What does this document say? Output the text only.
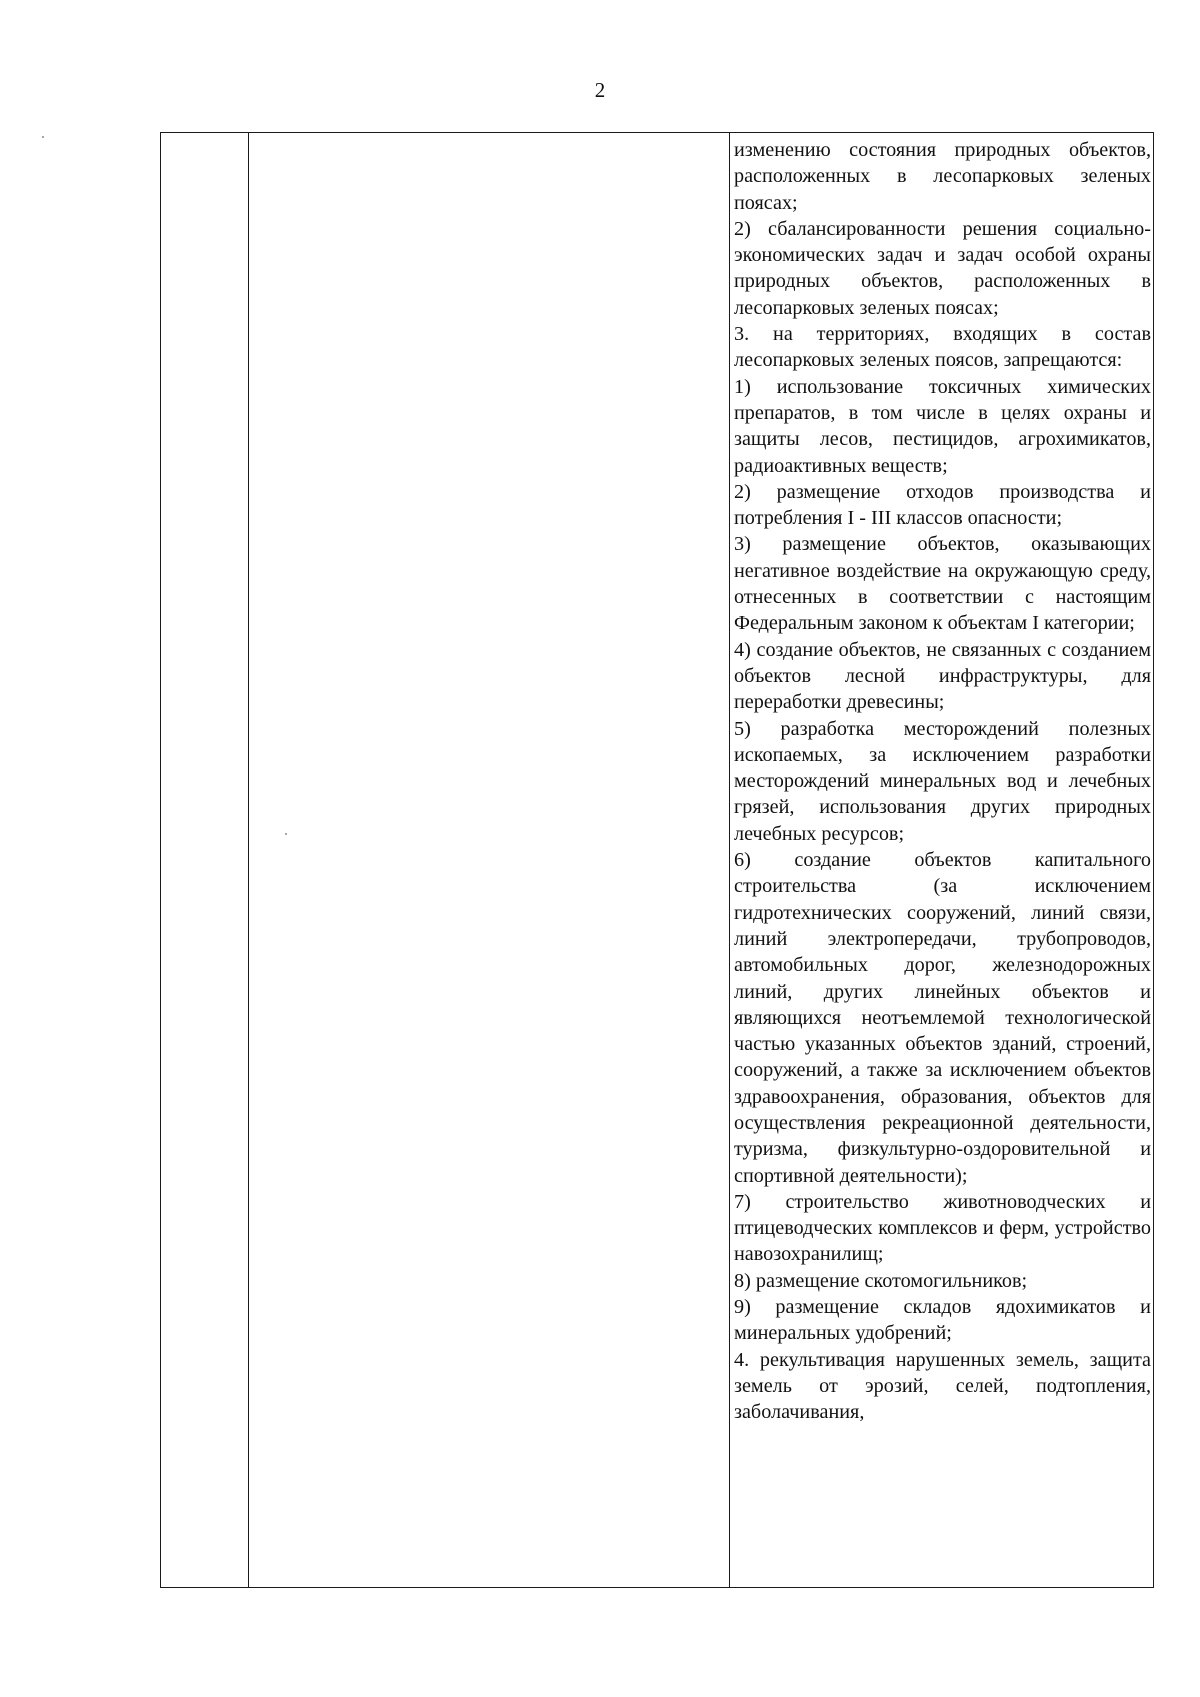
2

изменению состояния природных объектов, расположенных в лесопарковых зеленых поясах;

2) сбалансированности решения социально-экономических задач и задач особой охраны природных объектов, расположенных в лесопарковых зеленых поясах;

3. на территориях, входящих в состав лесопарковых зеленых поясов, запрещаются:

1) использование токсичных химических препаратов, в том числе в целях охраны и защиты лесов, пестицидов, агрохимикатов, радиоактивных веществ;

2) размещение отходов производства и потребления I - III классов опасности;

3) размещение объектов, оказывающих негативное воздействие на окружающую среду, отнесенных в соответствии с настоящим Федеральным законом к объектам I категории;

4) создание объектов, не связанных с созданием объектов лесной инфраструктуры, для переработки древесины;

5) разработка месторождений полезных ископаемых, за исключением разработки месторождений минеральных вод и лечебных грязей, использования других природных лечебных ресурсов;

6) создание объектов капитального строительства (за исключением гидротехнических сооружений, линий связи, линий электропередачи, трубопроводов, автомобильных дорог, железнодорожных линий, других линейных объектов и являющихся неотъемлемой технологической частью указанных объектов зданий, строений, сооружений, а также за исключением объектов здравоохранения, образования, объектов для осуществления рекреационной деятельности, туризма, физкультурно-оздоровительной и спортивной деятельности);

7) строительство животноводческих и птицеводческих комплексов и ферм, устройство навозохранилищ;

8) размещение скотомогильников;

9) размещение складов ядохимикатов и минеральных удобрений;

4. рекультивация нарушенных земель, защита земель от эрозий, селей, подтопления, заболачивания,
